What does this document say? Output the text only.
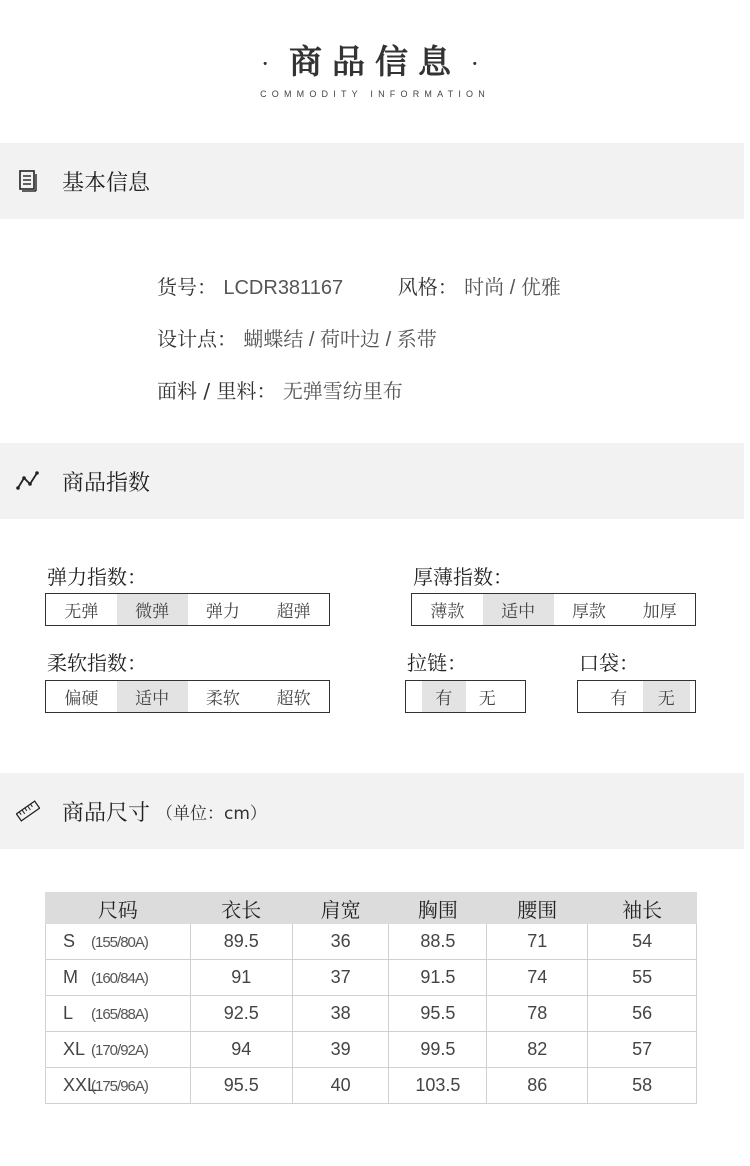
· 商品信息 ·
COMMODITY INFORMATION
基本信息
货号： LCDR381167	风格： 时尚 / 优雅
设计点： 蝴蝶结 / 荷叶边 / 系带
面料 / 里料： 无弹雪纺里布
商品指数
弹力指数：
无弹	微弹	弹力	超弹
厚薄指数：
薄款	适中	厚款	加厚
柔软指数：
偏硬	适中	柔软	超软
拉链：
有	无
口袋：
有	无
商品尺寸 （单位：cm）
尺码	衣长	肩宽	胸围	腰围	袖长
S (155/80A)	89.5	36	88.5	71	54
M (160/84A)	91	37	91.5	74	55
L (165/88A)	92.5	38	95.5	78	56
XL (170/92A)	94	39	99.5	82	57
XXL(175/96A)	95.5	40	103.5	86	58
